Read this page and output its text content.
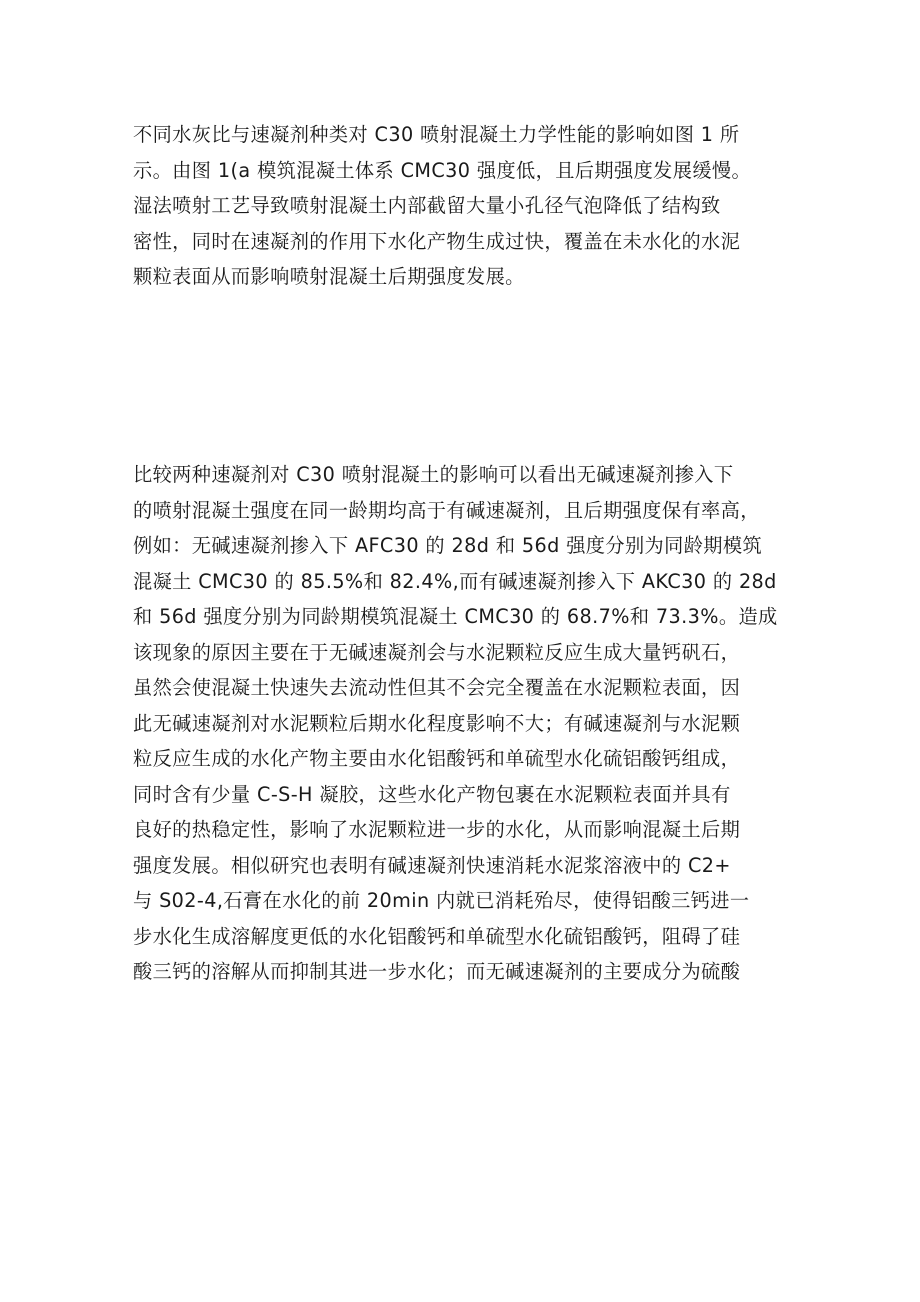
不同水灰比与速凝剂种类对 C30 喷射混凝土力学性能的影响如图 1 所
示。由图 1(a 模筑混凝土体系 CMC30 强度低，且后期强度发展缓慢。
湿法喷射工艺导致喷射混凝土内部截留大量小孔径气泡降低了结构致
密性，同时在速凝剂的作用下水化产物生成过快，覆盖在未水化的水泥
颗粒表面从而影响喷射混凝土后期强度发展。
比较两种速凝剂对 C30 喷射混凝土的影响可以看出无碱速凝剂掺入下
的喷射混凝土强度在同一龄期均高于有碱速凝剂，且后期强度保有率高，
例如：无碱速凝剂掺入下 AFC30 的 28d 和 56d 强度分别为同龄期模筑
混凝土 CMC30 的 85.5%和 82.4%,而有碱速凝剂掺入下 AKC30 的 28d
和 56d 强度分别为同龄期模筑混凝土 CMC30 的 68.7%和 73.3%。造成
该现象的原因主要在于无碱速凝剂会与水泥颗粒反应生成大量钙矾石，
虽然会使混凝土快速失去流动性但其不会完全覆盖在水泥颗粒表面，因
此无碱速凝剂对水泥颗粒后期水化程度影响不大；有碱速凝剂与水泥颗
粒反应生成的水化产物主要由水化铝酸钙和单硫型水化硫铝酸钙组成，
同时含有少量 C-S-H 凝胶，这些水化产物包裹在水泥颗粒表面并具有
良好的热稳定性，影响了水泥颗粒进一步的水化，从而影响混凝土后期
强度发展。相似研究也表明有碱速凝剂快速消耗水泥浆溶液中的 C2+
与 S02-4,石膏在水化的前 20min 内就已消耗殆尽，使得铝酸三钙进一
步水化生成溶解度更低的水化铝酸钙和单硫型水化硫铝酸钙，阻碍了硅
酸三钙的溶解从而抑制其进一步水化；而无碱速凝剂的主要成分为硫酸
